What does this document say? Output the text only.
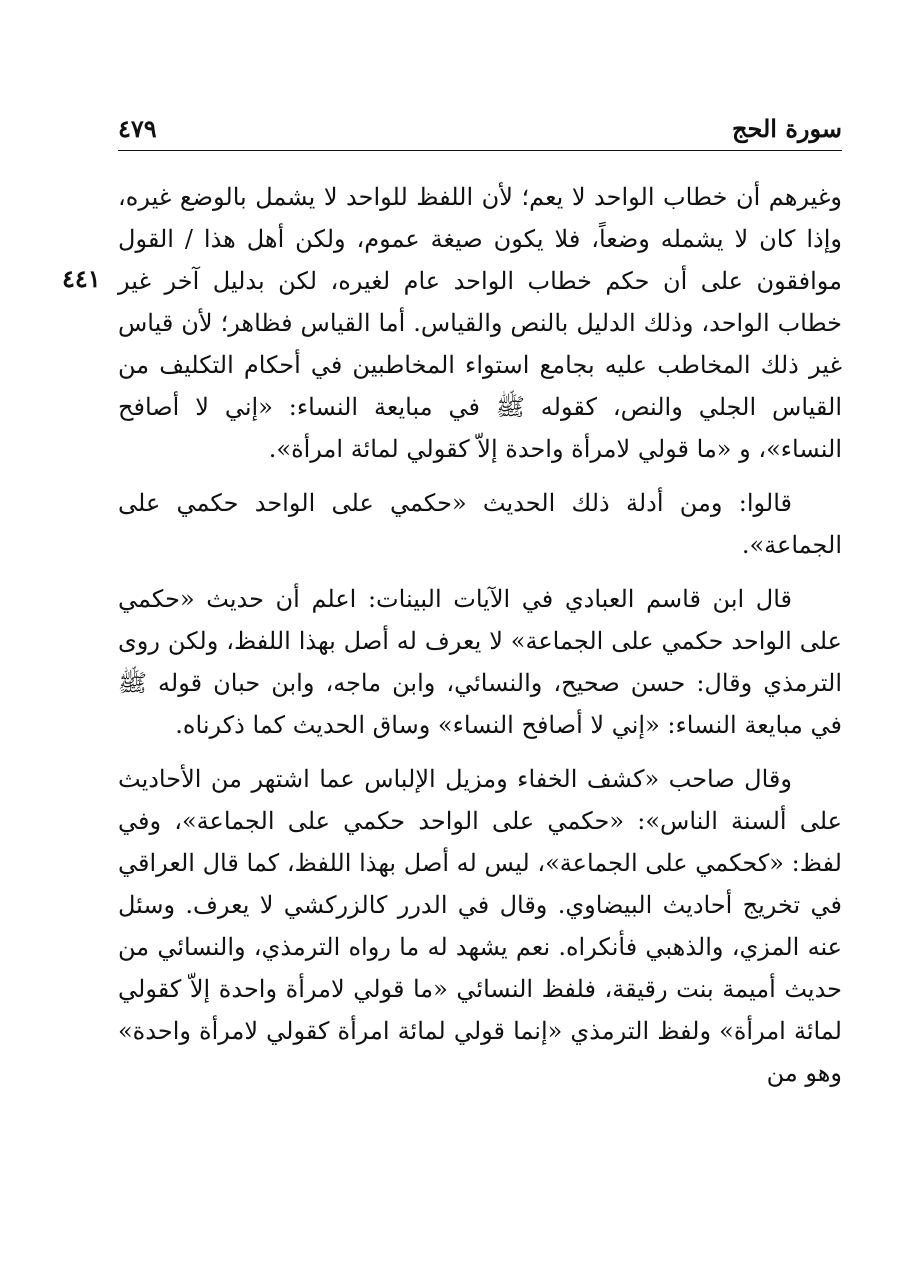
سورة الحج
٤٧٩
٤٤١

وغيرهم أن خطاب الواحد لا يعم؛ لأن اللفظ للواحد لا يشمل بالوضع غيره، وإذا كان لا يشمله وضعاً، فلا يكون صيغة عموم، ولكن أهل هذا / القول موافقون على أن حكم خطاب الواحد عام لغيره، لكن بدليل آخر غير خطاب الواحد، وذلك الدليل بالنص والقياس. أما القياس فظاهر؛ لأن قياس غير ذلك المخاطب عليه بجامع استواء المخاطبين في أحكام التكليف من القياس الجلي والنص، كقوله ﷺ في مبايعة النساء: «إني لا أصافح النساء»، و «ما قولي لامرأة واحدة إلاّ كقولي لمائة امرأة».

قالوا: ومن أدلة ذلك الحديث «حكمي على الواحد حكمي على الجماعة».

قال ابن قاسم العبادي في الآيات البينات: اعلم أن حديث «حكمي على الواحد حكمي على الجماعة» لا يعرف له أصل بهذا اللفظ، ولكن روى الترمذي وقال: حسن صحيح، والنسائي، وابن ماجه، وابن حبان قوله ﷺ في مبايعة النساء: «إني لا أصافح النساء» وساق الحديث كما ذكرناه.

وقال صاحب «كشف الخفاء ومزيل الإلباس عما اشتهر من الأحاديث على ألسنة الناس»: «حكمي على الواحد حكمي على الجماعة»، وفي لفظ: «كحكمي على الجماعة»، ليس له أصل بهذا اللفظ، كما قال العراقي في تخريج أحاديث البيضاوي. وقال في الدرر كالزركشي لا يعرف. وسئل عنه المزي، والذهبي فأنكراه. نعم يشهد له ما رواه الترمذي، والنسائي من حديث أميمة بنت رقيقة، فلفظ النسائي «ما قولي لامرأة واحدة إلاّ كقولي لمائة امرأة» ولفظ الترمذي «إنما قولي لمائة امرأة كقولي لامرأة واحدة» وهو من
